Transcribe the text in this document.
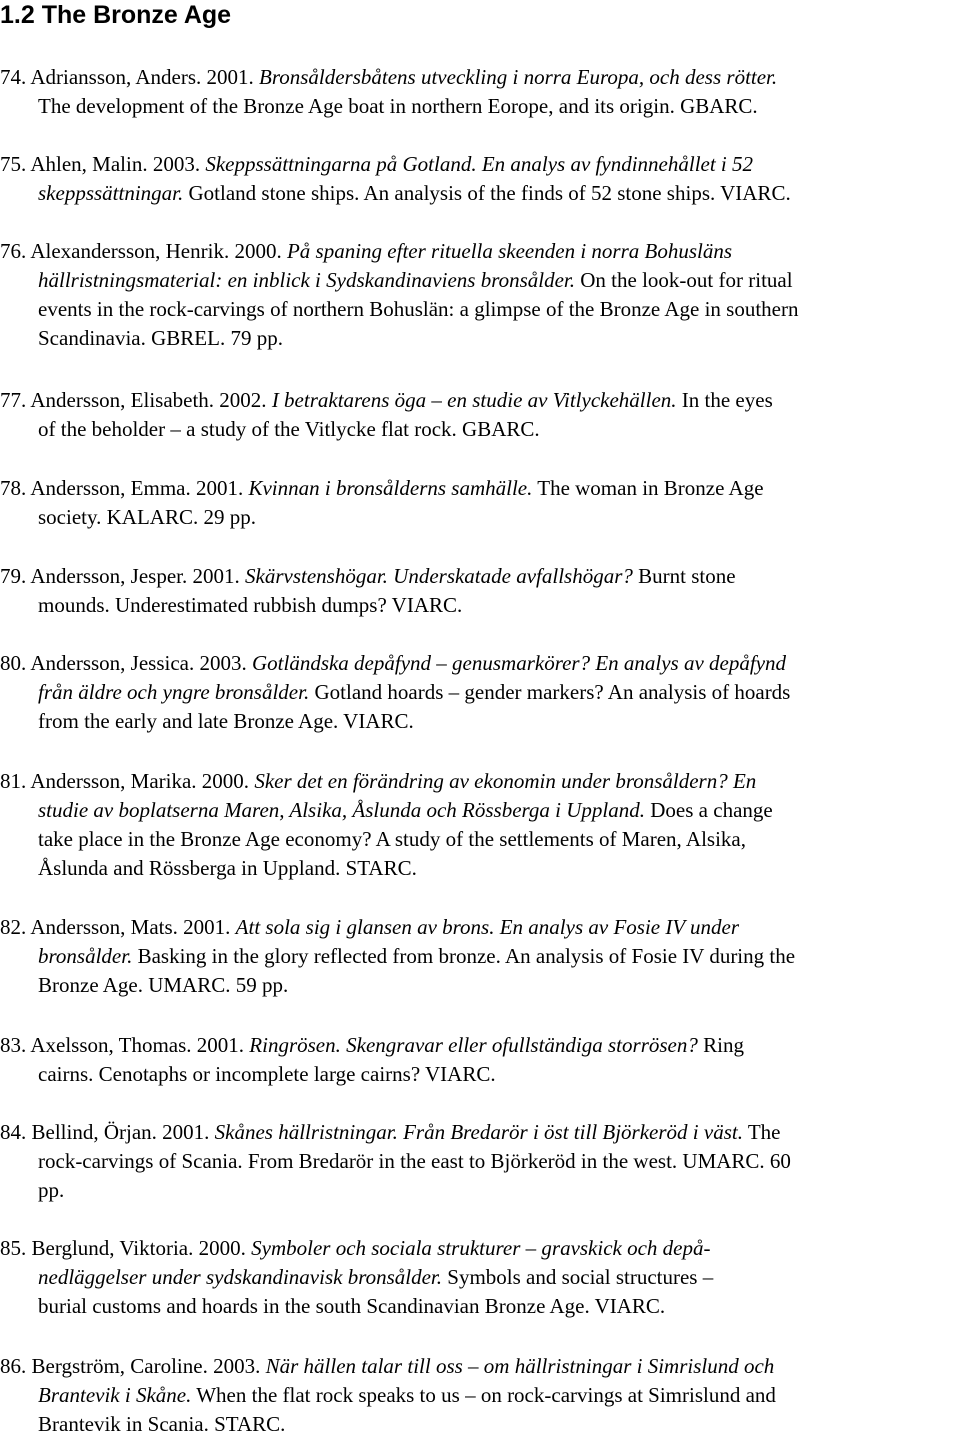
1.2 The Bronze Age
74. Adriansson, Anders. 2001. Bronsåldersbåtens utveckling i norra Europa, och dess rötter.
The development of the Bronze Age boat in northern Eorope, and its origin. GBARC.
75. Ahlen, Malin. 2003. Skeppssättningarna på Gotland. En analys av fyndinnehållet i 52
skeppssättningar. Gotland stone ships. An analysis of the finds of 52 stone ships. VIARC.
76. Alexandersson, Henrik. 2000. På spaning efter rituella skeenden i norra Bohusläns
hällristningsmaterial: en inblick i Sydskandinaviens bronsålder. On the look-out for ritual
events in the rock-carvings of northern Bohuslän: a glimpse of the Bronze Age in southern
Scandinavia. GBREL. 79 pp.
77. Andersson, Elisabeth. 2002. I betraktarens öga – en studie av Vitlyckehällen. In the eyes
of the beholder – a study of the Vitlycke flat rock. GBARC.
78. Andersson, Emma. 2001. Kvinnan i bronsålderns samhälle. The woman in Bronze Age
society. KALARC. 29 pp.
79. Andersson, Jesper. 2001. Skärvstenshögar. Underskatade avfallshögar? Burnt stone
mounds. Underestimated rubbish dumps? VIARC.
80. Andersson, Jessica. 2003. Gotländska depåfynd – genusmarkörer? En analys av depåfynd
från äldre och yngre bronsålder. Gotland hoards – gender markers? An analysis of hoards
from the early and late Bronze Age. VIARC.
81. Andersson, Marika. 2000. Sker det en förändring av ekonomin under bronsåldern? En
studie av boplatserna Maren, Alsika, Åslunda och Rössberga i Uppland. Does a change
take place in the Bronze Age economy? A study of the settlements of Maren, Alsika,
Åslunda and Rössberga in Uppland. STARC.
82. Andersson, Mats. 2001. Att sola sig i glansen av brons. En analys av Fosie IV under
bronsålder. Basking in the glory reflected from bronze. An analysis of Fosie IV during the
Bronze Age. UMARC. 59 pp.
83. Axelsson, Thomas. 2001. Ringrösen. Skengravar eller ofullständiga storrösen? Ring
cairns. Cenotaphs or incomplete large cairns? VIARC.
84. Bellind, Örjan. 2001. Skånes hällristningar. Från Bredarör i öst till Björkeröd i väst. The
rock-carvings of Scania. From Bredarör in the east to Björkeröd in the west. UMARC. 60
pp.
85. Berglund, Viktoria. 2000. Symboler och sociala strukturer – gravskick och depå-
nedläggelser under sydskandinavisk bronsålder. Symbols and social structures –
burial customs and hoards in the south Scandinavian Bronze Age. VIARC.
86. Bergström, Caroline. 2003. När hällen talar till oss – om hällristningar i Simrislund och
Brantevik i Skåne. When the flat rock speaks to us – on rock-carvings at Simrislund and
Brantevik in Scania. STARC.
